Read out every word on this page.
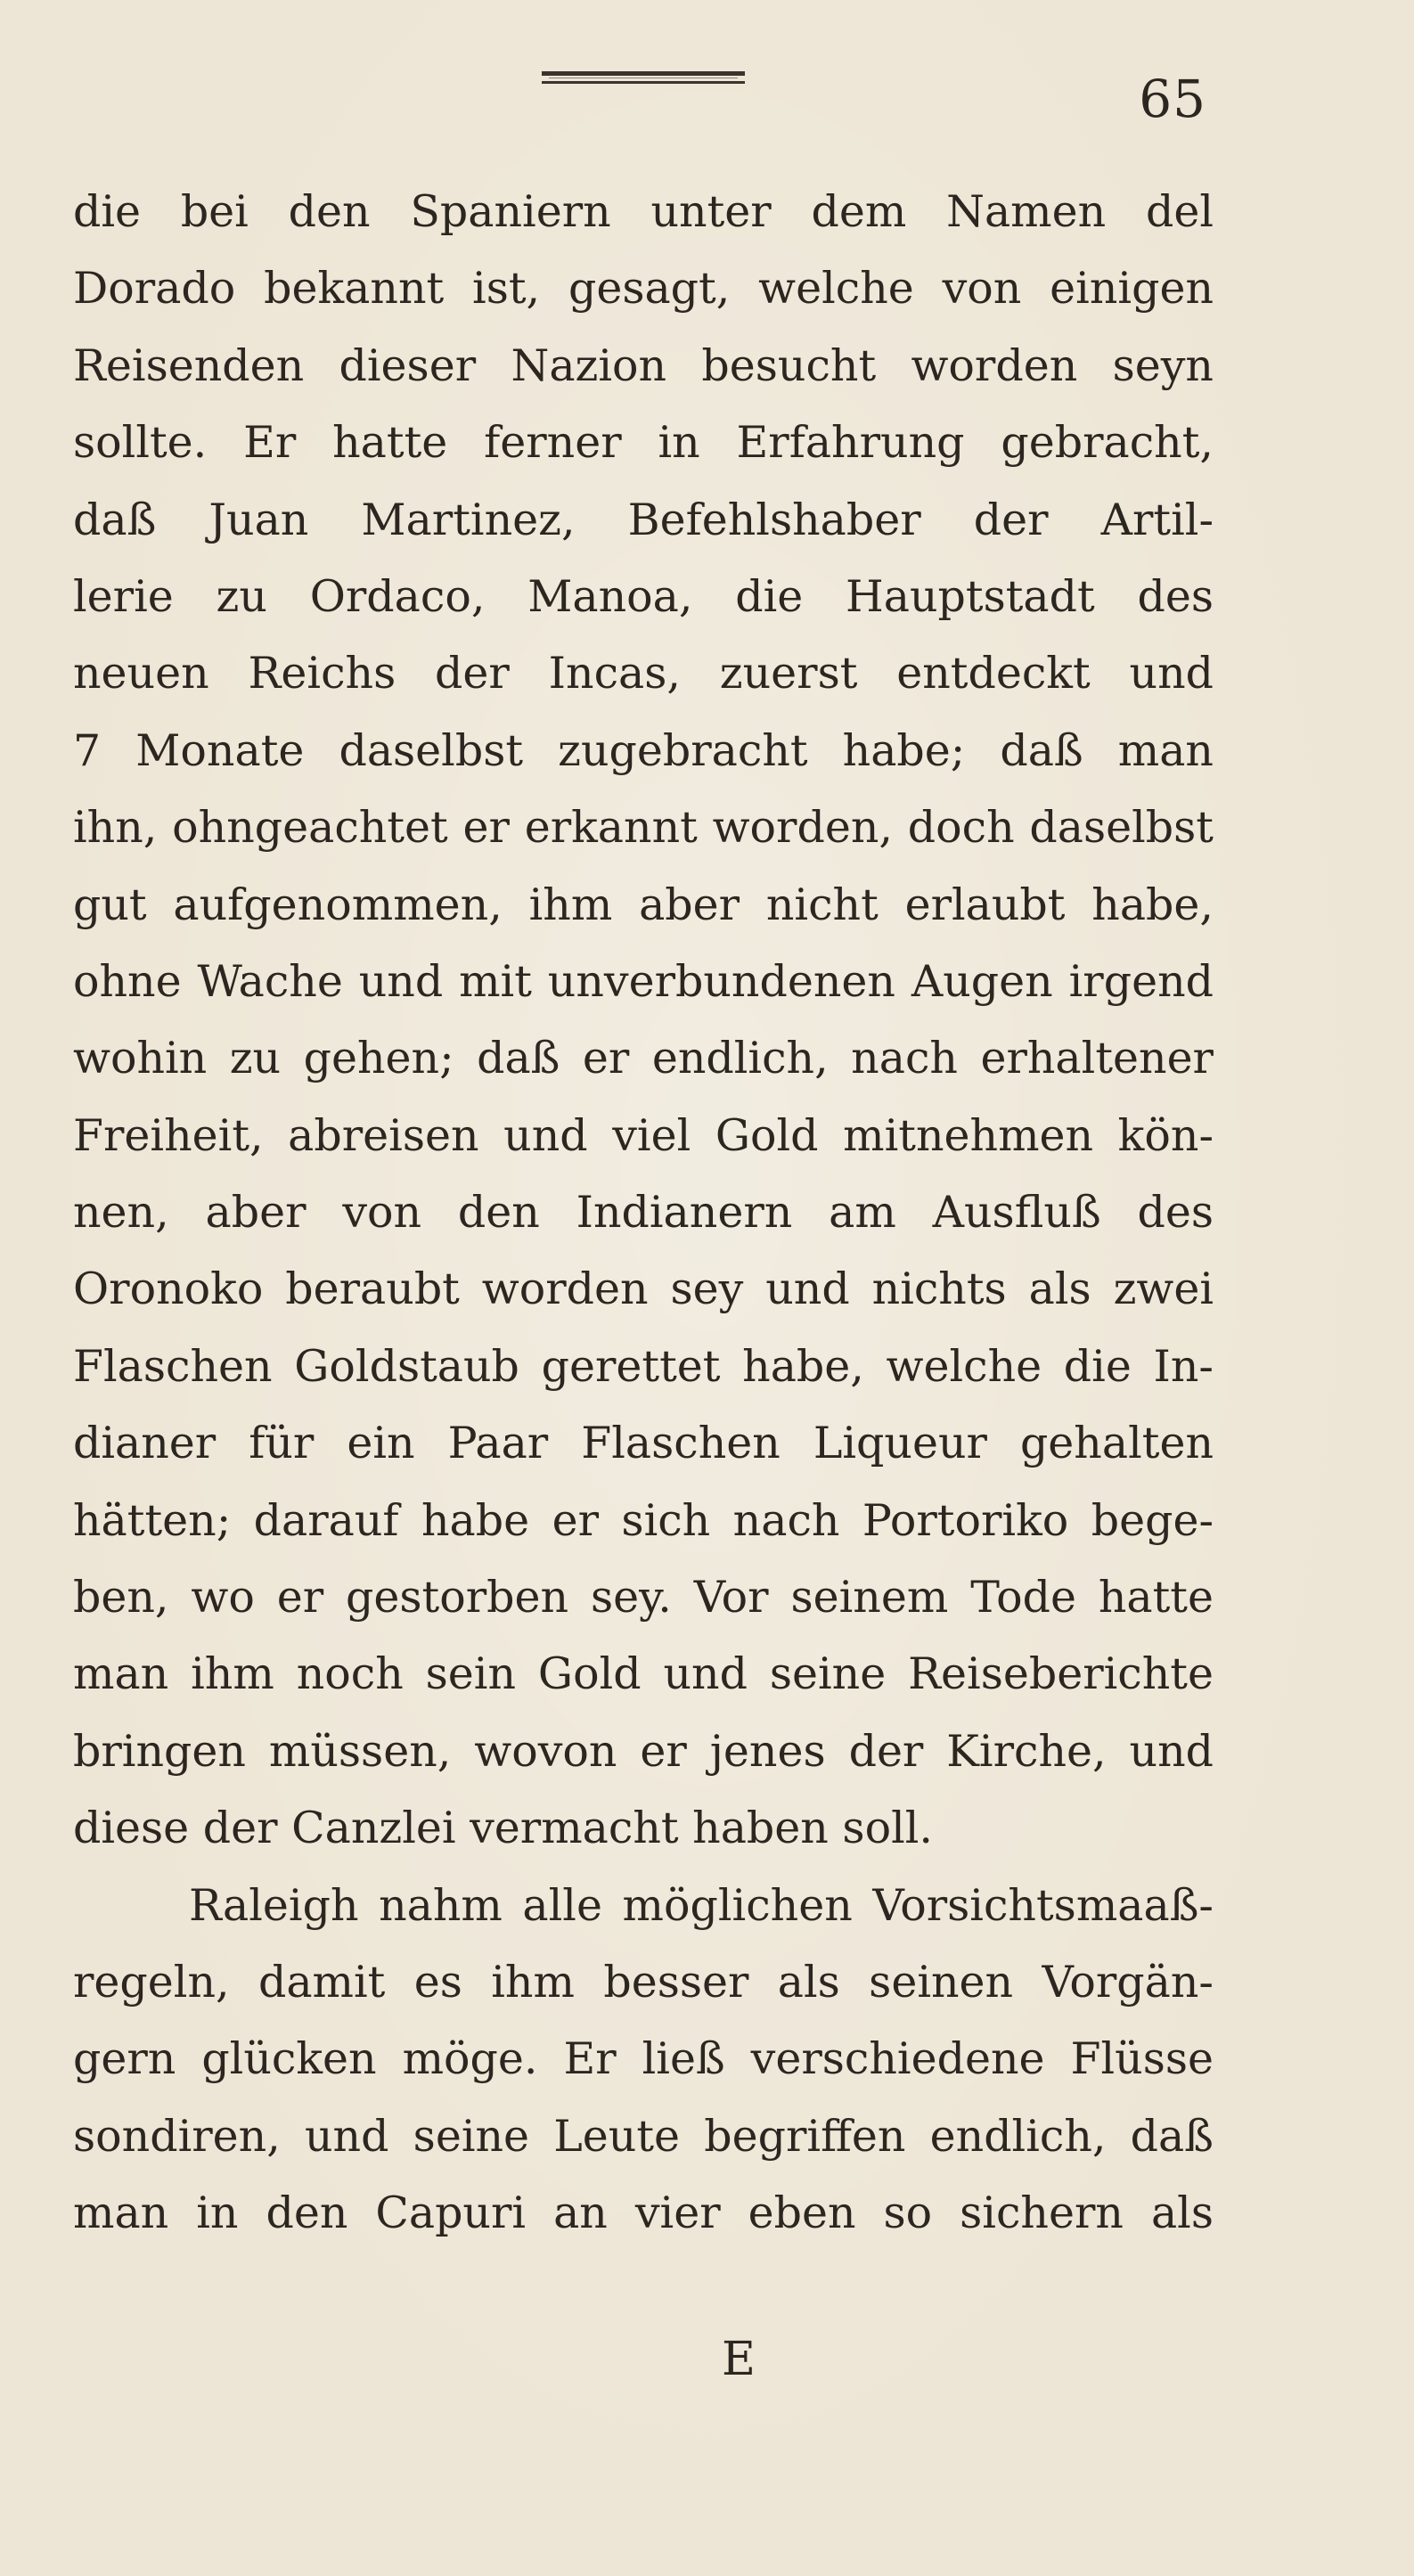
65
die bei den Spaniern unter dem Namen del
Dorado bekannt ist, gesagt, welche von einigen
Reisenden dieser Nazion besucht worden seyn
sollte. Er hatte ferner in Erfahrung gebracht,
daß Juan Martinez, Befehlshaber der Artil-
lerie zu Ordaco, Manoa, die Hauptstadt des
neuen Reichs der Incas, zuerst entdeckt und
7 Monate daselbst zugebracht habe; daß man
ihn, ohngeachtet er erkannt worden, doch daselbst
gut aufgenommen, ihm aber nicht erlaubt habe,
ohne Wache und mit unverbundenen Augen irgend
wohin zu gehen; daß er endlich, nach erhaltener
Freiheit, abreisen und viel Gold mitnehmen kön-
nen, aber von den Indianern am Ausfluß des
Oronoko beraubt worden sey und nichts als zwei
Flaschen Goldstaub gerettet habe, welche die In-
dianer für ein Paar Flaschen Liqueur gehalten
hätten; darauf habe er sich nach Portoriko bege-
ben, wo er gestorben sey. Vor seinem Tode hatte
man ihm noch sein Gold und seine Reiseberichte
bringen müssen, wovon er jenes der Kirche, und
diese der Canzlei vermacht haben soll.
Raleigh nahm alle möglichen Vorsichtsmaaß-
regeln, damit es ihm besser als seinen Vorgän-
gern glücken möge. Er ließ verschiedene Flüsse
sondiren, und seine Leute begriffen endlich, daß
man in den Capuri an vier eben so sichern als
E
